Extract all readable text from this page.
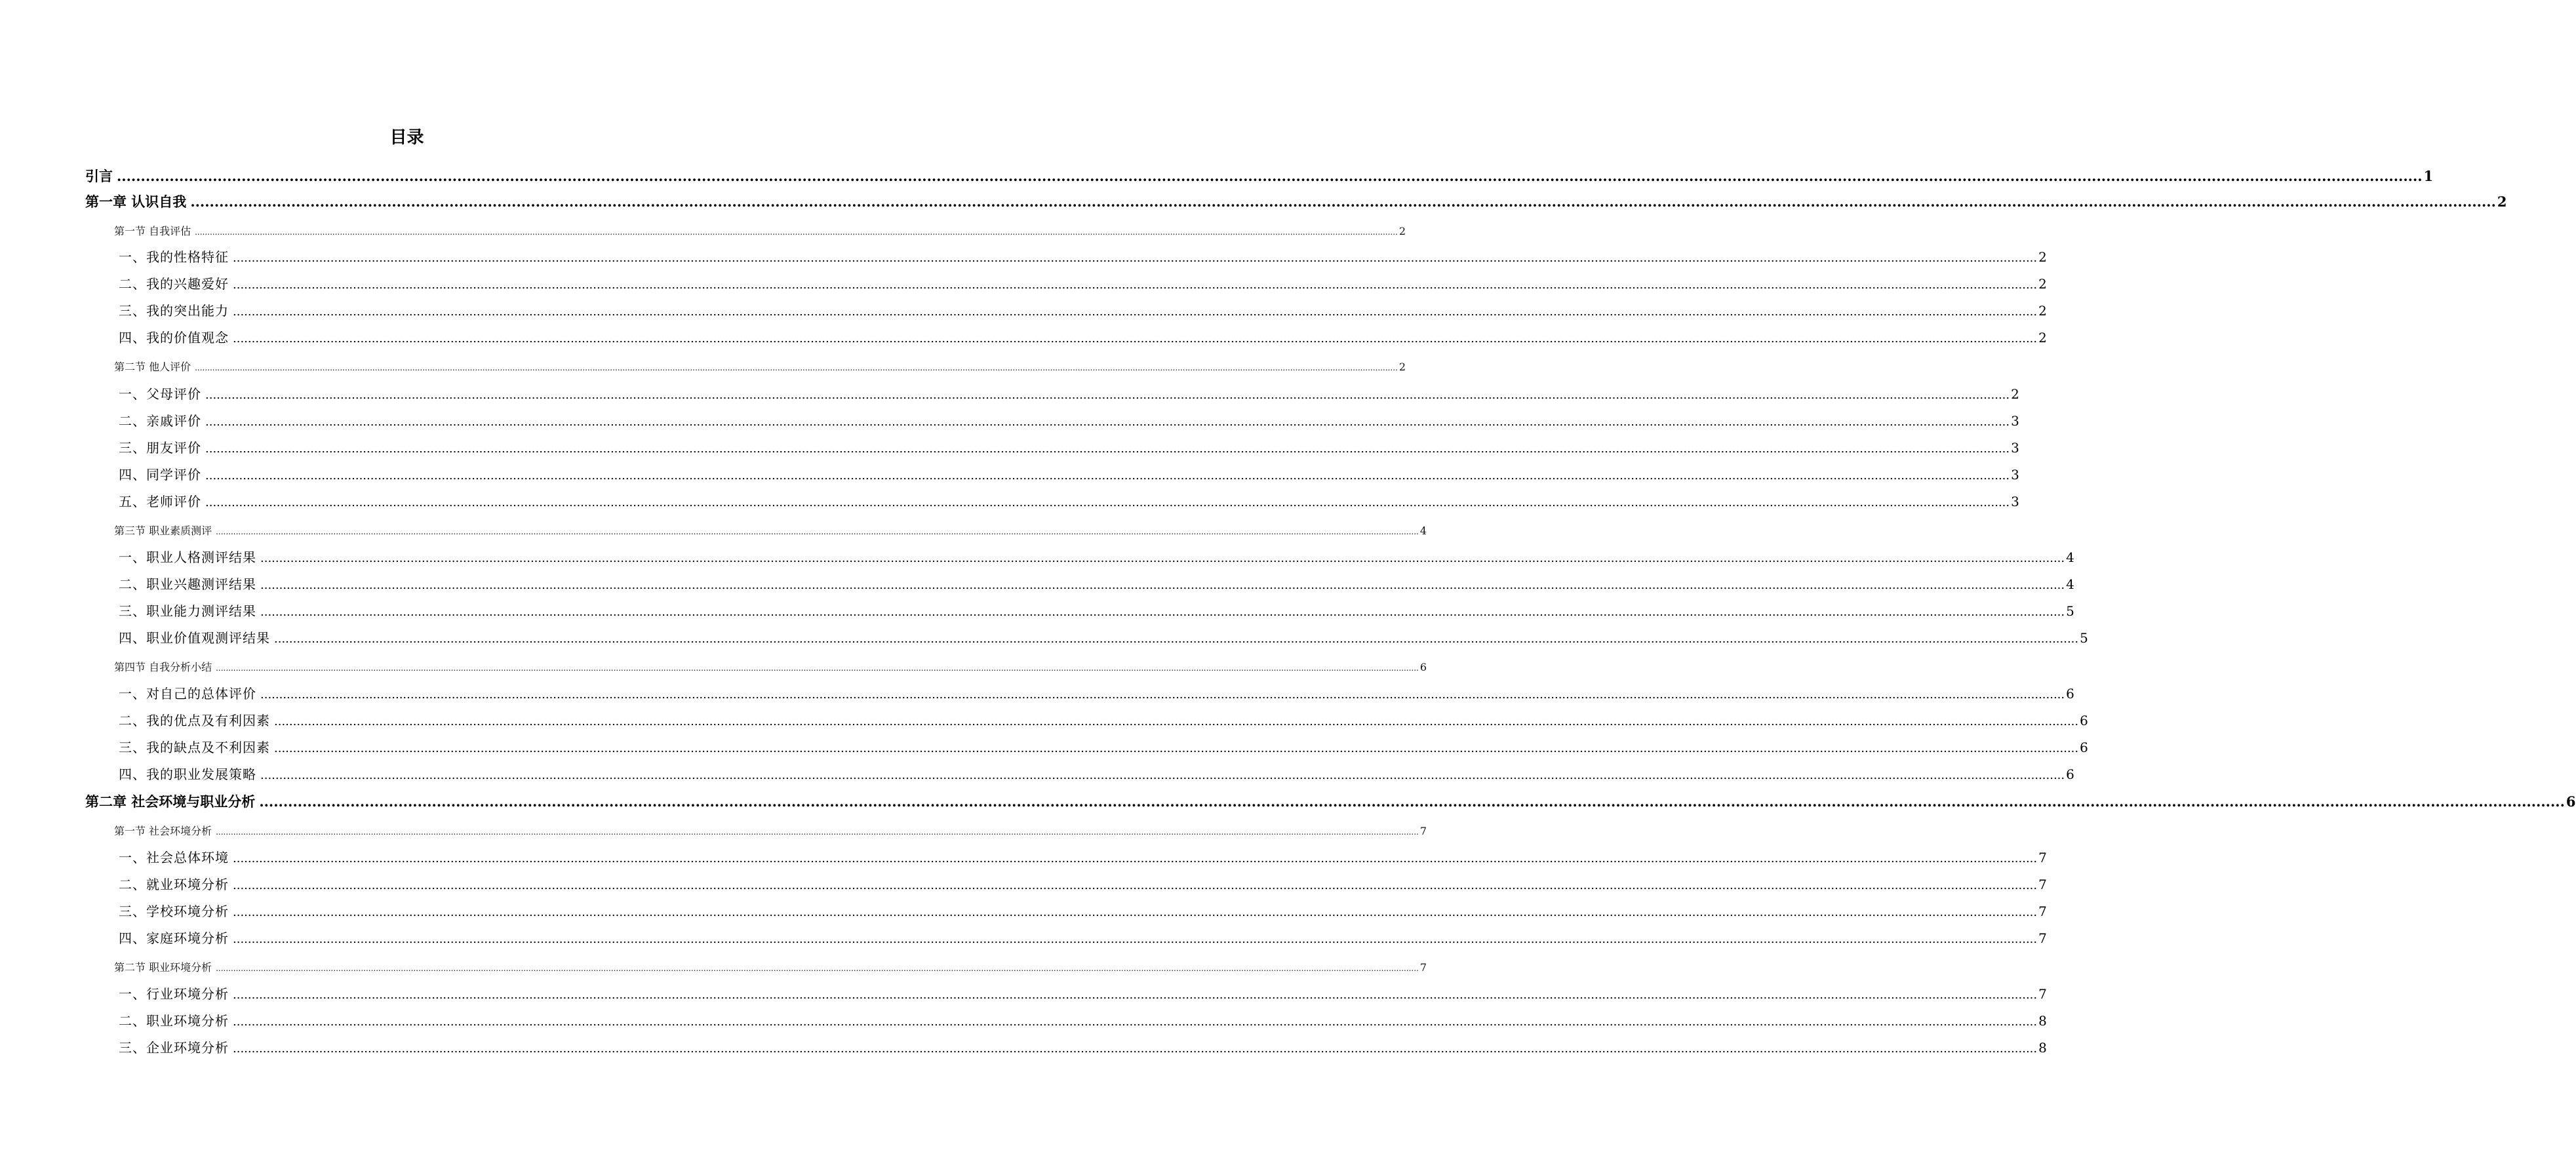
目录
引言 .....	1
第一章 认识自我 .....	2
第一节 自我评估 .....	2
一、我的性格特征 .....	2
二、我的兴趣爱好 .....	2
三、我的突出能力 .....	2
四、我的价值观念 .....	2
第二节 他人评价 .....	2
一、父母评价 .....	2
二、亲戚评价 .....	3
三、朋友评价 .....	3
四、同学评价 .....	3
五、老师评价 .....	3
第三节 职业素质测评 .....	4
一、职业人格测评结果 .....	4
二、职业兴趣测评结果 .....	4
三、职业能力测评结果 .....	5
四、职业价值观测评结果 .....	5
第四节 自我分析小结 .....	6
一、对自己的总体评价 .....	6
二、我的优点及有利因素 .....	6
三、我的缺点及不利因素 .....	6
四、我的职业发展策略 .....	6
第二章 社会环境与职业分析 .....	6
第一节 社会环境分析 .....	7
一、社会总体环境 .....	7
二、就业环境分析 .....	7
三、学校环境分析 .....	7
四、家庭环境分析 .....	7
第二节 职业环境分析 .....	7
一、行业环境分析 .....	7
二、职业环境分析 .....	8
三、企业环境分析 .....	8
